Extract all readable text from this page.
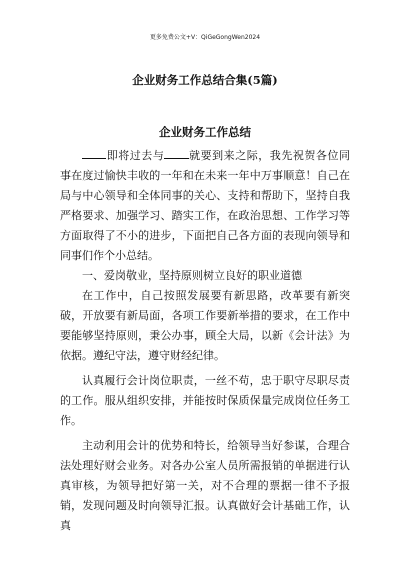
更多免费公文+V：QiGeGongWen2024
企业财务工作总结合集(5篇)
企业财务工作总结

即将过去与 就要到来之际，我先祝贺各位同事在度过愉快丰收的一年和在未来一年中万事顺意！自己在局与中心领导和全体同事的关心、支持和帮助下，坚持自我严格要求、加强学习、踏实工作，在政治思想、工作学习等方面取得了不小的进步，下面把自己各方面的表现向领导和同事们作个小总结。

一、爱岗敬业，坚持原则树立良好的职业道德

在工作中，自己按照发展要有新思路，改革要有新突破，开放要有新局面，各项工作要新举措的要求，在工作中要能够坚持原则，秉公办事，顾全大局，以新《会计法》为依据。遵纪守法，遵守财经纪律。

认真履行会计岗位职责，一丝不苟，忠于职守尽职尽责的工作。服从组织安排，并能按时保质保量完成岗位任务工作。

主动利用会计的优势和特长，给领导当好参谋，合理合法处理好财会业务。对各办公室人员所需报销的单据进行认真审核，为领导把好第一关，对不合理的票据一律不予报销，发现问题及时向领导汇报。认真做好会计基础工作，认真
